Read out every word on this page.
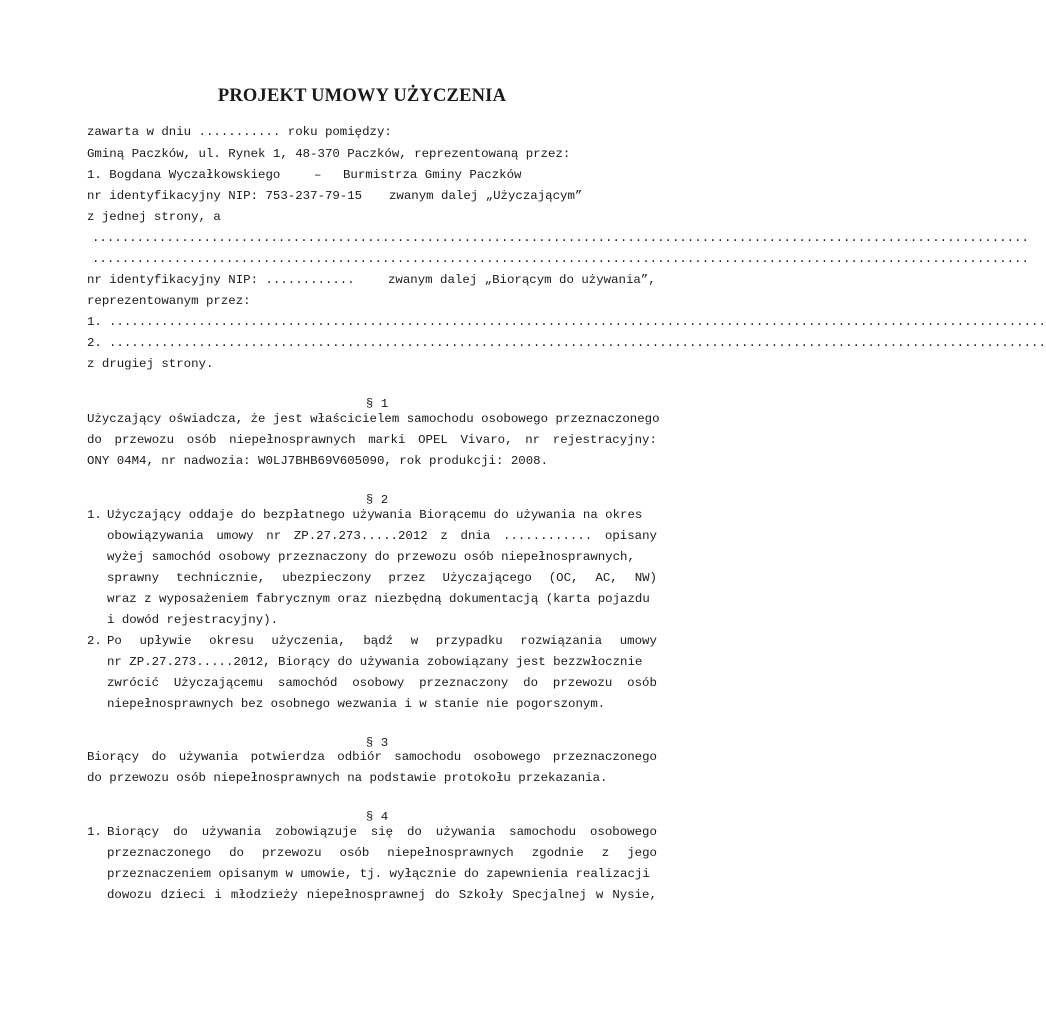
PROJEKT UMOWY UŻYCZENIA
zawarta w dniu ........... roku pomiędzy:
Gminą Paczków, ul. Rynek 1, 48-370 Paczków, reprezentowaną przez:
1. Bogdana Wyczałkowskiego	– Burmistrza Gminy Paczków
nr identyfikacyjny NIP: 753-237-79-15 zwanym dalej „Użyczającym”
z jednej strony, a
..............................................................................................................................
..............................................................................................................................
nr identyfikacyjny NIP: ............	zwanym dalej „Biorącym do używania”,
reprezentowanym przez:
1. ..............................................................................................................................
2. ..............................................................................................................................
z drugiej strony.
§ 1
Użyczający oświadcza, że jest właścicielem samochodu osobowego przeznaczonego
do przewozu osób niepełnosprawnych marki OPEL Vivaro, nr rejestracyjny:
ONY 04M4, nr nadwozia: W0LJ7BHB69V605090, rok produkcji: 2008.
§ 2
1. Użyczający oddaje do bezpłatnego używania Biorącemu do używania na okres
obowiązywania umowy nr ZP.27.273.....2012 z dnia ............ opisany
wyżej samochód osobowy przeznaczony do przewozu osób niepełnosprawnych,
sprawny technicznie, ubezpieczony przez Użyczającego (OC, AC, NW)
wraz z wyposażeniem fabrycznym oraz niezbędną dokumentacją (karta pojazdu
i dowód rejestracyjny).
2. Po upływie okresu użyczenia, bądź w przypadku rozwiązania umowy
nr ZP.27.273.....2012, Biorący do używania zobowiązany jest bezzwłocznie
zwrócić Użyczającemu samochód osobowy przeznaczony do przewozu osób
niepełnosprawnych bez osobnego wezwania i w stanie nie pogorszonym.
§ 3
Biorący do używania potwierdza odbiór samochodu osobowego przeznaczonego
do przewozu osób niepełnosprawnych na podstawie protokołu przekazania.
§ 4
1. Biorący do używania zobowiązuje się do używania samochodu osobowego
przeznaczonego do przewozu osób niepełnosprawnych zgodnie z jego
przeznaczeniem opisanym w umowie, tj. wyłącznie do zapewnienia realizacji
dowozu dzieci i młodzieży niepełnosprawnej do Szkoły Specjalnej w Nysie,
